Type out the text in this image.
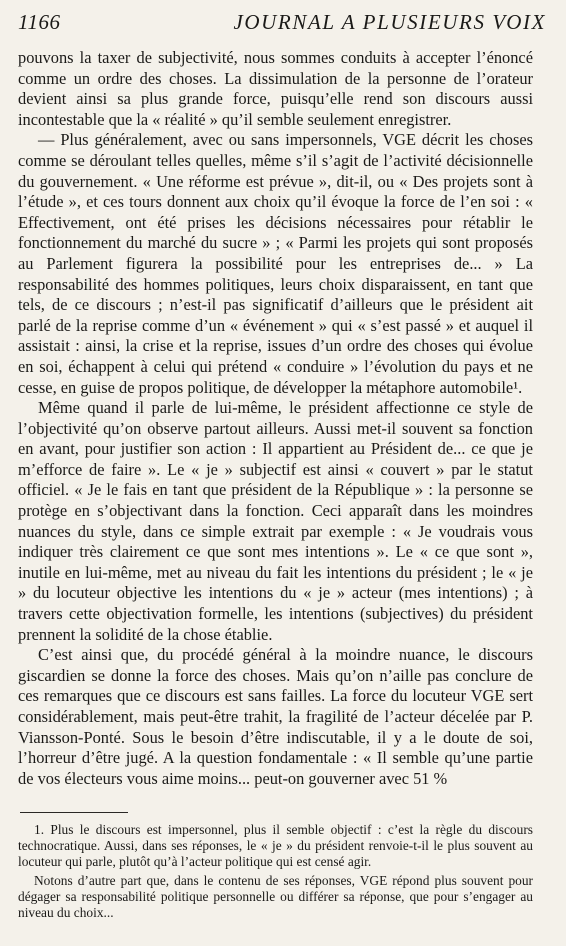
1166	JOURNAL A PLUSIEURS VOIX

pouvons la taxer de subjectivité, nous sommes conduits à accepter l’énoncé comme un ordre des choses. La dissimulation de la personne de l’orateur devient ainsi sa plus grande force, puisqu’elle rend son discours aussi incontestable que la « réalité » qu’il semble seulement enregistrer.

— Plus généralement, avec ou sans impersonnels, VGE décrit les choses comme se déroulant telles quelles, même s’il s’agit de l’activité décisionnelle du gouvernement. « Une réforme est prévue », dit-il, ou « Des projets sont à l’étude », et ces tours donnent aux choix qu’il évoque la force de l’en soi : « Effectivement, ont été prises les décisions nécessaires pour rétablir le fonctionnement du marché du sucre » ; « Parmi les projets qui sont proposés au Parlement figurera la possibilité pour les entreprises de... » La responsabilité des hommes politiques, leurs choix disparaissent, en tant que tels, de ce discours ; n’est-il pas significatif d’ailleurs que le président ait parlé de la reprise comme d’un « événement » qui « s’est passé » et auquel il assistait : ainsi, la crise et la reprise, issues d’un ordre des choses qui évolue en soi, échappent à celui qui prétend « conduire » l’évolution du pays et ne cesse, en guise de propos politique, de développer la métaphore automobile¹.

Même quand il parle de lui-même, le président affectionne ce style de l’objectivité qu’on observe partout ailleurs. Aussi met-il souvent sa fonction en avant, pour justifier son action : Il appartient au Président de... ce que je m’efforce de faire ». Le « je » subjectif est ainsi « couvert » par le statut officiel. « Je le fais en tant que président de la République » : la personne se protège en s’objectivant dans la fonction. Ceci apparaît dans les moindres nuances du style, dans ce simple extrait par exemple : « Je voudrais vous indiquer très clairement ce que sont mes intentions ». Le « ce que sont », inutile en lui-même, met au niveau du fait les intentions du président ; le « je » du locuteur objective les intentions du « je » acteur (mes intentions) ; à travers cette objectivation formelle, les intentions (subjectives) du président prennent la solidité de la chose établie.

C’est ainsi que, du procédé général à la moindre nuance, le discours giscardien se donne la force des choses. Mais qu’on n’aille pas conclure de ces remarques que ce discours est sans failles. La force du locuteur VGE sert considérablement, mais peut-être trahit, la fragilité de l’acteur décelée par P. Viansson-Ponté. Sous le besoin d’être indiscutable, il y a le doute de soi, l’horreur d’être jugé. A la question fondamentale : « Il semble qu’une partie de vos électeurs vous aime moins... peut-on gouverner avec 51 %

1. Plus le discours est impersonnel, plus il semble objectif : c’est la règle du discours technocratique. Aussi, dans ses réponses, le « je » du président renvoie-t-il le plus souvent au locuteur qui parle, plutôt qu’à l’acteur politique qui est censé agir.

Notons d’autre part que, dans le contenu de ses réponses, VGE répond plus souvent pour dégager sa responsabilité politique personnelle ou différer sa réponse, que pour s’engager au niveau du choix...
